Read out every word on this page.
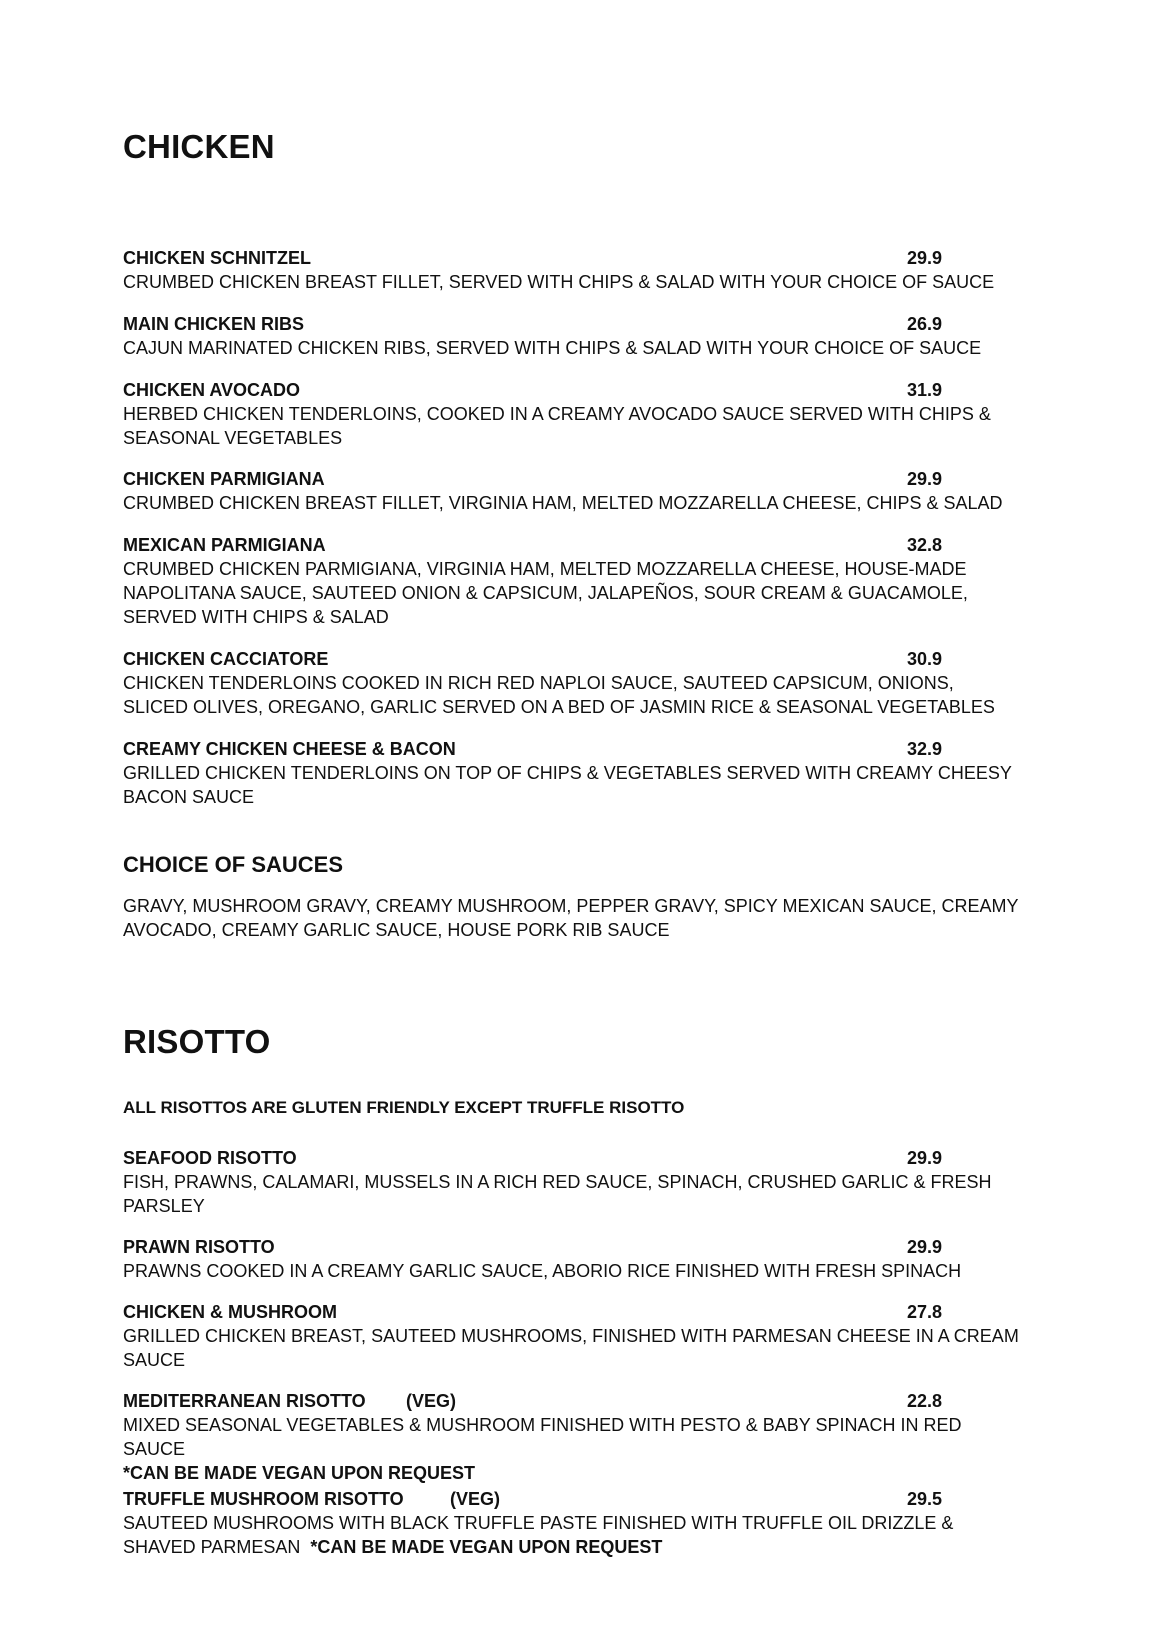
CHICKEN
CHICKEN SCHNITZEL	29.9
CRUMBED CHICKEN BREAST FILLET, SERVED WITH CHIPS & SALAD WITH YOUR CHOICE OF SAUCE
MAIN CHICKEN RIBS	26.9
CAJUN MARINATED CHICKEN RIBS, SERVED WITH CHIPS & SALAD WITH YOUR CHOICE OF SAUCE
CHICKEN AVOCADO	31.9
HERBED CHICKEN TENDERLOINS, COOKED IN A CREAMY AVOCADO SAUCE SERVED WITH CHIPS & SEASONAL VEGETABLES
CHICKEN PARMIGIANA	29.9
CRUMBED CHICKEN BREAST FILLET, VIRGINIA HAM, MELTED MOZZARELLA CHEESE, CHIPS & SALAD
MEXICAN PARMIGIANA	32.8
CRUMBED CHICKEN PARMIGIANA, VIRGINIA HAM, MELTED MOZZARELLA CHEESE, HOUSE-MADE NAPOLITANA SAUCE, SAUTEED ONION & CAPSICUM, JALAPEÑOS, SOUR CREAM & GUACAMOLE, SERVED WITH CHIPS & SALAD
CHICKEN CACCIATORE	30.9
CHICKEN TENDERLOINS COOKED IN RICH RED NAPLOI SAUCE, SAUTEED CAPSICUM, ONIONS, SLICED OLIVES, OREGANO, GARLIC SERVED ON A BED OF JASMIN RICE & SEASONAL VEGETABLES
CREAMY CHICKEN CHEESE & BACON	32.9
GRILLED CHICKEN TENDERLOINS ON TOP OF CHIPS & VEGETABLES SERVED WITH CREAMY CHEESY BACON SAUCE
CHOICE OF SAUCES
GRAVY, MUSHROOM GRAVY, CREAMY MUSHROOM, PEPPER GRAVY, SPICY MEXICAN SAUCE, CREAMY AVOCADO, CREAMY GARLIC SAUCE, HOUSE PORK RIB SAUCE
RISOTTO
ALL RISOTTOS ARE GLUTEN FRIENDLY EXCEPT TRUFFLE RISOTTO
SEAFOOD RISOTTO	29.9
FISH, PRAWNS, CALAMARI, MUSSELS IN A RICH RED SAUCE, SPINACH, CRUSHED GARLIC & FRESH PARSLEY
PRAWN RISOTTO	29.9
PRAWNS COOKED IN A CREAMY GARLIC SAUCE, ABORIO RICE FINISHED WITH FRESH SPINACH
CHICKEN & MUSHROOM	27.8
GRILLED CHICKEN BREAST, SAUTEED MUSHROOMS, FINISHED WITH PARMESAN CHEESE IN A CREAM SAUCE
MEDITERRANEAN RISOTTO (VEG)	22.8
MIXED SEASONAL VEGETABLES & MUSHROOM FINISHED WITH PESTO & BABY SPINACH IN RED SAUCE
*CAN BE MADE VEGAN UPON REQUEST
TRUFFLE MUSHROOM RISOTTO	(VEG)	29.5
SAUTEED MUSHROOMS WITH BLACK TRUFFLE PASTE FINISHED WITH TRUFFLE OIL DRIZZLE & SHAVED PARMESAN *CAN BE MADE VEGAN UPON REQUEST
